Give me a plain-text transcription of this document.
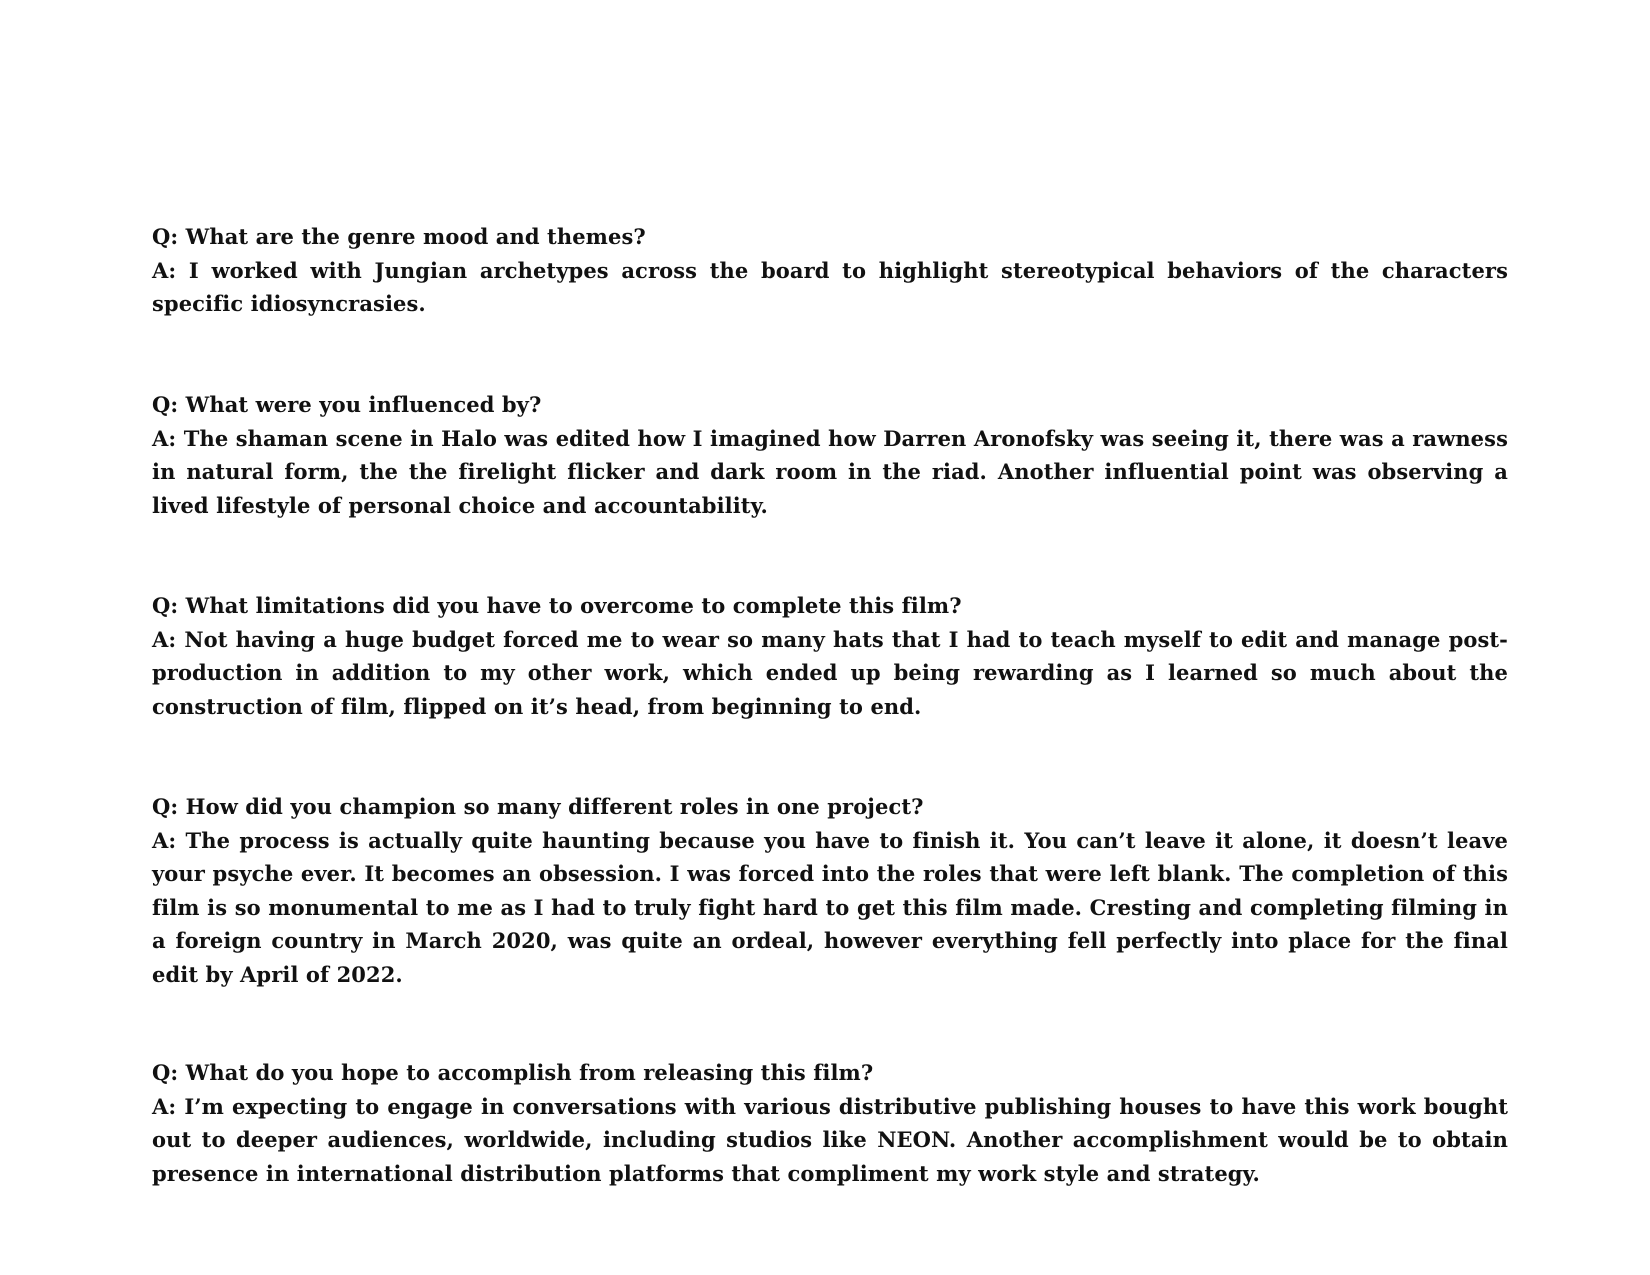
Q: What are the genre mood and themes?

A: I worked with Jungian archetypes across the board to highlight stereotypical behaviors of the characters specific idiosyncrasies.

Q: What were you influenced by?

A: The shaman scene in Halo was edited how I imagined how Darren Aronofsky was seeing it, there was a rawness in natural form, the the firelight flicker and dark room in the riad. Another influential point was observing a lived lifestyle of personal choice and accountability.

Q: What limitations did you have to overcome to complete this film?

A: Not having a huge budget forced me to wear so many hats that I had to teach myself to edit and manage post-production in addition to my other work, which ended up being rewarding as I learned so much about the construction of film, flipped on it’s head, from beginning to end.

Q: How did you champion so many different roles in one project?

A: The process is actually quite haunting because you have to finish it. You can’t leave it alone, it doesn’t leave your psyche ever. It becomes an obsession. I was forced into the roles that were left blank. The completion of this film is so monumental to me as I had to truly fight hard to get this film made. Cresting and completing filming in a foreign country in March 2020, was quite an ordeal, however everything fell perfectly into place for the final edit by April of 2022.

Q: What do you hope to accomplish from releasing this film?

A: I’m expecting to engage in conversations with various distributive publishing houses to have this work bought out to deeper audiences, worldwide, including studios like NEON. Another accomplishment would be to obtain presence in international distribution platforms that compliment my work style and strategy.
